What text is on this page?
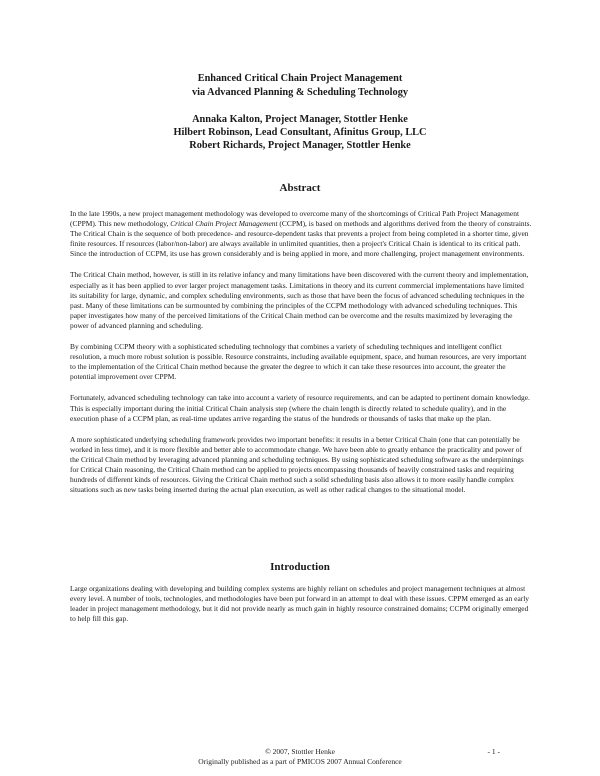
Enhanced Critical Chain Project Management
via Advanced Planning & Scheduling Technology

Annaka Kalton, Project Manager, Stottler Henke
Hilbert Robinson, Lead Consultant, Afinitus Group, LLC
Robert Richards, Project Manager, Stottler Henke
Abstract

In the late 1990s, a new project management methodology was developed to overcome many of the shortcomings of Critical Path Project Management (CPPM). This new methodology, Critical Chain Project Management (CCPM), is based on methods and algorithms derived from the theory of constraints. The Critical Chain is the sequence of both precedence- and resource-dependent tasks that prevents a project from being completed in a shorter time, given finite resources. If resources (labor/non-labor) are always available in unlimited quantities, then a project's Critical Chain is identical to its critical path. Since the introduction of CCPM, its use has grown considerably and is being applied in more, and more challenging, project management environments.

The Critical Chain method, however, is still in its relative infancy and many limitations have been discovered with the current theory and implementation, especially as it has been applied to ever larger project management tasks. Limitations in theory and its current commercial implementations have limited its suitability for large, dynamic, and complex scheduling environments, such as those that have been the focus of advanced scheduling techniques in the past. Many of these limitations can be surmounted by combining the principles of the CCPM methodology with advanced scheduling techniques. This paper investigates how many of the perceived limitations of the Critical Chain method can be overcome and the results maximized by leveraging the power of advanced planning and scheduling.

By combining CCPM theory with a sophisticated scheduling technology that combines a variety of scheduling techniques and intelligent conflict resolution, a much more robust solution is possible. Resource constraints, including available equipment, space, and human resources, are very important to the implementation of the Critical Chain method because the greater the degree to which it can take these resources into account, the greater the potential improvement over CPPM.

Fortunately, advanced scheduling technology can take into account a variety of resource requirements, and can be adapted to pertinent domain knowledge. This is especially important during the initial Critical Chain analysis step (where the chain length is directly related to schedule quality), and in the execution phase of a CCPM plan, as real-time updates arrive regarding the status of the hundreds or thousands of tasks that make up the plan.

A more sophisticated underlying scheduling framework provides two important benefits: it results in a better Critical Chain (one that can potentially be worked in less time), and it is more flexible and better able to accommodate change. We have been able to greatly enhance the practicality and power of the Critical Chain method by leveraging advanced planning and scheduling techniques. By using sophisticated scheduling software as the underpinnings for Critical Chain reasoning, the Critical Chain method can be applied to projects encompassing thousands of heavily constrained tasks and requiring hundreds of different kinds of resources. Giving the Critical Chain method such a solid scheduling basis also allows it to more easily handle complex situations such as new tasks being inserted during the actual plan execution, as well as other radical changes to the situational model.

Introduction

Large organizations dealing with developing and building complex systems are highly reliant on schedules and project management techniques at almost every level. A number of tools, technologies, and methodologies have been put forward in an attempt to deal with these issues. CPPM emerged as an early leader in project management methodology, but it did not provide nearly as much gain in highly resource constrained domains; CCPM originally emerged to help fill this gap.

© 2007, Stottler Henke
Originally published as a part of PMICOS 2007 Annual Conference
- 1 -
